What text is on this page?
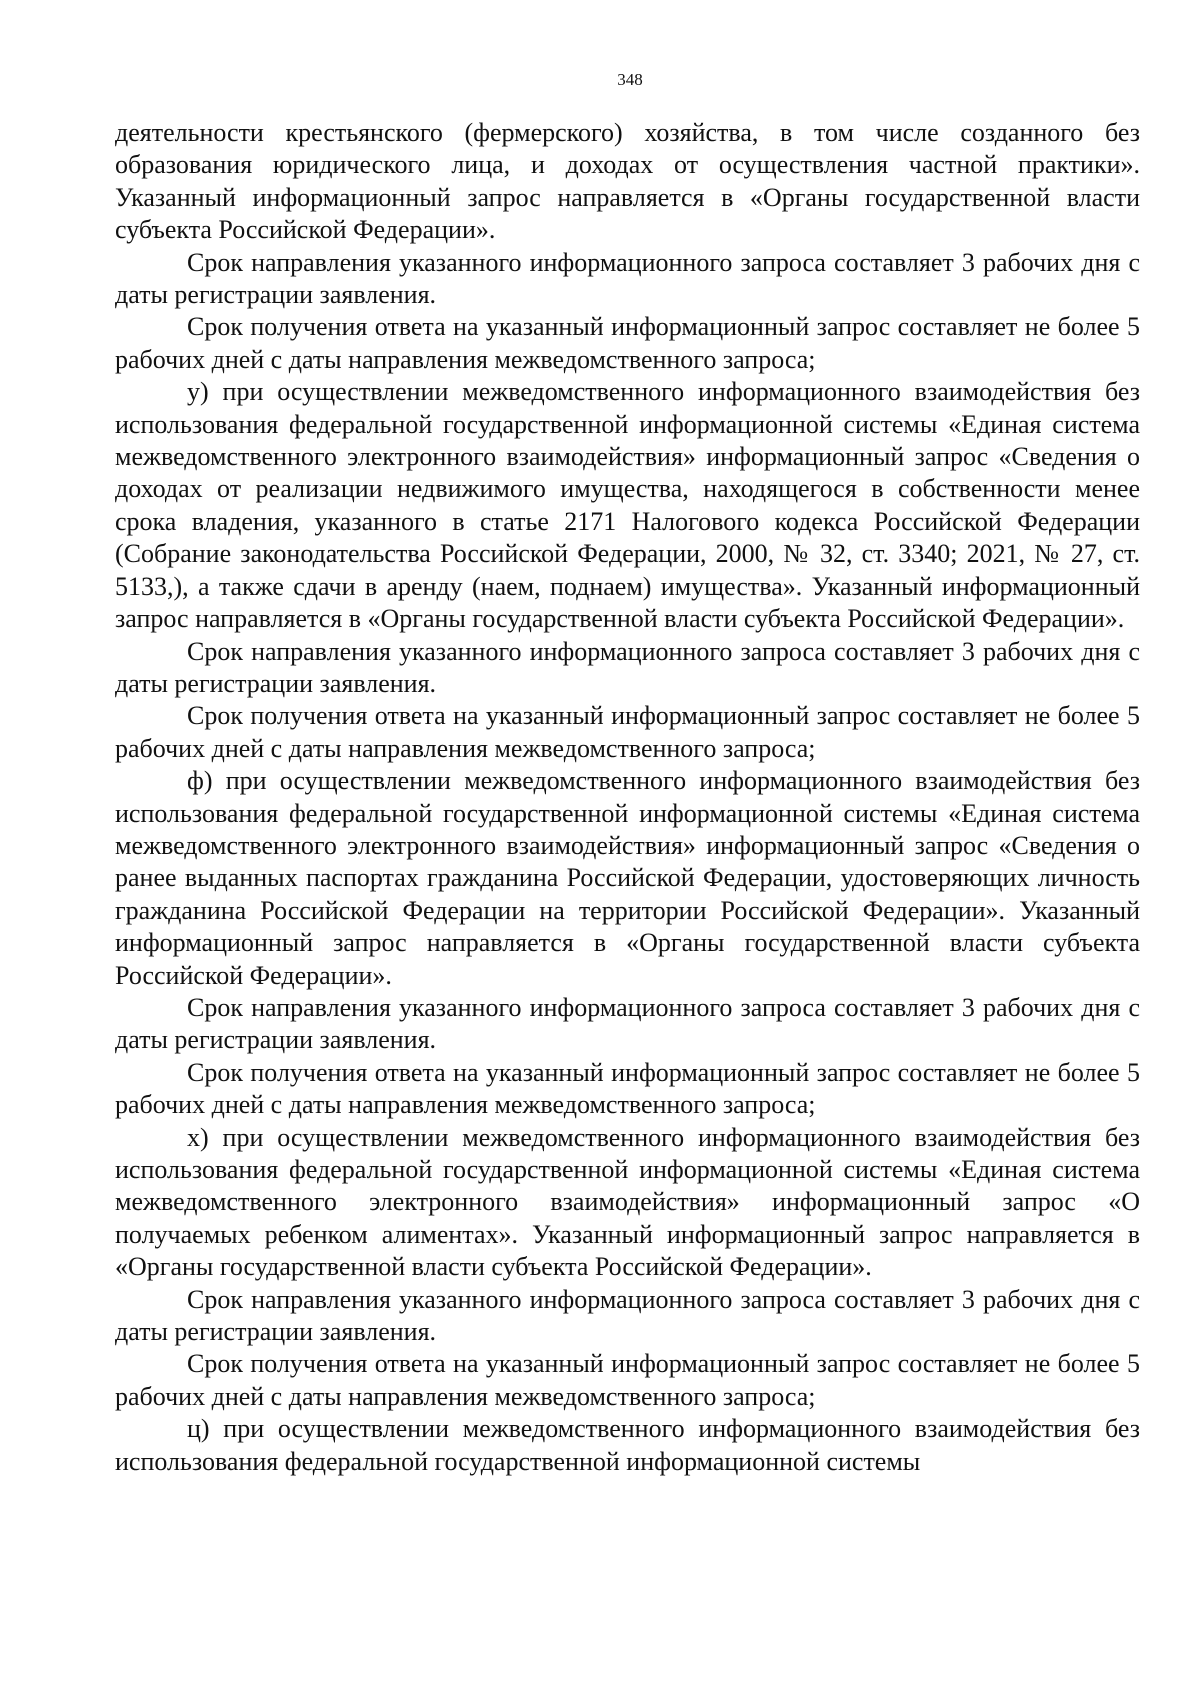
348

деятельности крестьянского (фермерского) хозяйства, в том числе созданного без образования юридического лица, и доходах от осуществления частной практики». Указанный информационный запрос направляется в «Органы государственной власти субъекта Российской Федерации».

Срок направления указанного информационного запроса составляет 3 рабочих дня с даты регистрации заявления.

Срок получения ответа на указанный информационный запрос составляет не более 5 рабочих дней с даты направления межведомственного запроса;

у) при осуществлении межведомственного информационного взаимодействия без использования федеральной государственной информационной системы «Единая система межведомственного электронного взаимодействия» информационный запрос «Сведения о доходах от реализации недвижимого имущества, находящегося в собственности менее срока владения, указанного в статье 2171 Налогового кодекса Российской Федерации (Собрание законодательства Российской Федерации, 2000, № 32, ст. 3340; 2021, № 27, ст. 5133,), а также сдачи в аренду (наем, поднаем) имущества». Указанный информационный запрос направляется в «Органы государственной власти субъекта Российской Федерации».

Срок направления указанного информационного запроса составляет 3 рабочих дня с даты регистрации заявления.

Срок получения ответа на указанный информационный запрос составляет не более 5 рабочих дней с даты направления межведомственного запроса;

ф) при осуществлении межведомственного информационного взаимодействия без использования федеральной государственной информационной системы «Единая система межведомственного электронного взаимодействия» информационный запрос «Сведения о ранее выданных паспортах гражданина Российской Федерации, удостоверяющих личность гражданина Российской Федерации на территории Российской Федерации». Указанный информационный запрос направляется в «Органы государственной власти субъекта Российской Федерации».

Срок направления указанного информационного запроса составляет 3 рабочих дня с даты регистрации заявления.

Срок получения ответа на указанный информационный запрос составляет не более 5 рабочих дней с даты направления межведомственного запроса;

х) при осуществлении межведомственного информационного взаимодействия без использования федеральной государственной информационной системы «Единая система межведомственного электронного взаимодействия» информационный запрос «О получаемых ребенком алиментах». Указанный информационный запрос направляется в «Органы государственной власти субъекта Российской Федерации».

Срок направления указанного информационного запроса составляет 3 рабочих дня с даты регистрации заявления.

Срок получения ответа на указанный информационный запрос составляет не более 5 рабочих дней с даты направления межведомственного запроса;

ц) при осуществлении межведомственного информационного взаимодействия без использования федеральной государственной информационной системы
